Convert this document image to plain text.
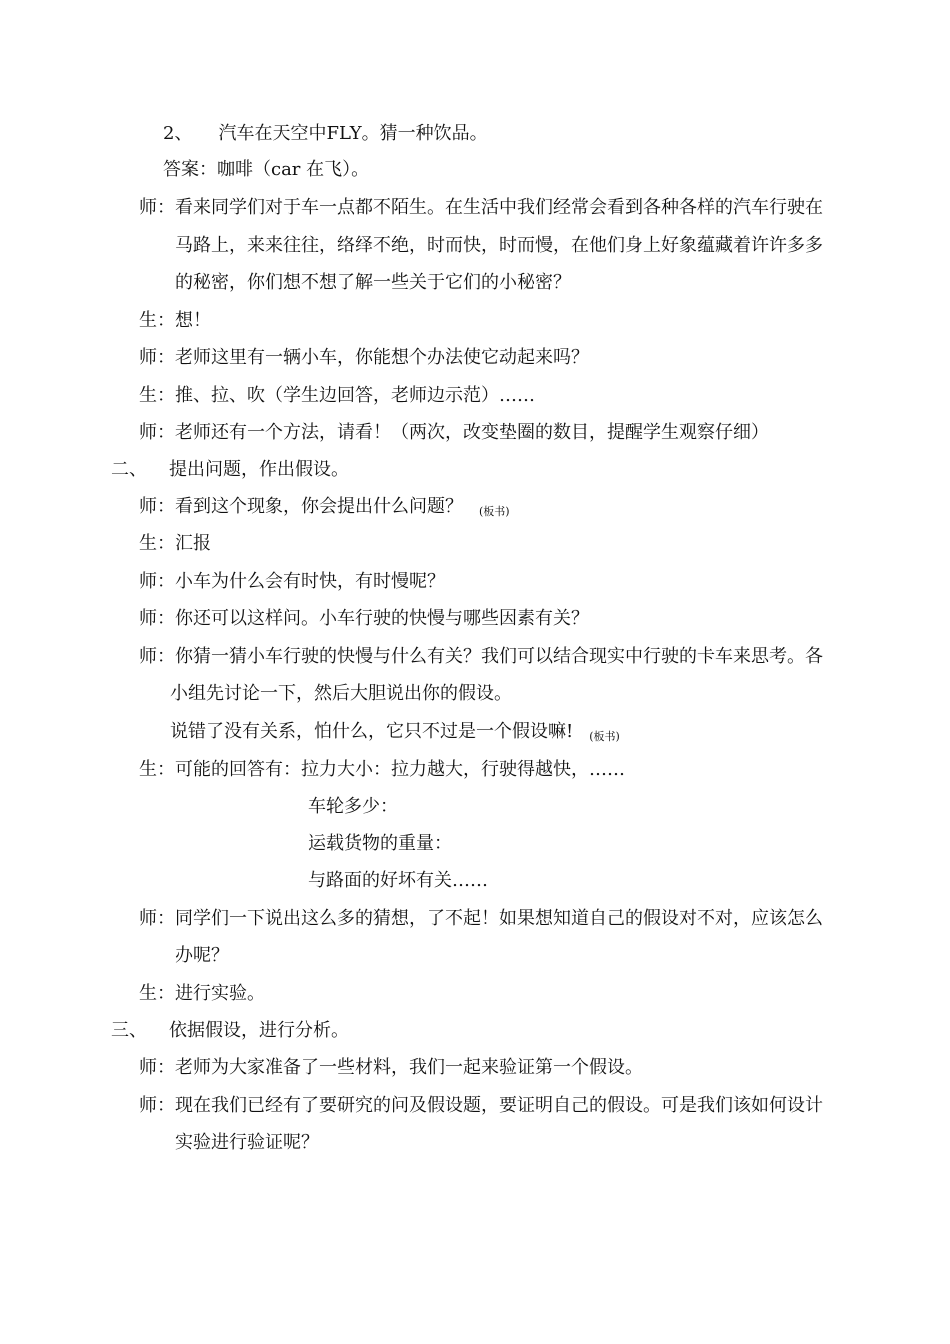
2、 汽车在天空中FLY。猜一种饮品。
答案：咖啡（car 在飞）。
师：看来同学们对于车一点都不陌生。在生活中我们经常会看到各种各样的汽车行驶在
马路上，来来往往，络绎不绝，时而快，时而慢，在他们身上好象蕴藏着许许多多
的秘密，你们想不想了解一些关于它们的小秘密？
生：想！
师：老师这里有一辆小车，你能想个办法使它动起来吗？
生：推、拉、吹（学生边回答，老师边示范）……
师：老师还有一个方法，请看！（两次，改变垫圈的数目，提醒学生观察仔细）
二、 提出问题，作出假设。
师：看到这个现象，你会提出什么问题？ (板书)
生：汇报
师：小车为什么会有时快，有时慢呢？
师：你还可以这样问。小车行驶的快慢与哪些因素有关？
师：你猜一猜小车行驶的快慢与什么有关？我们可以结合现实中行驶的卡车来思考。各
小组先讨论一下，然后大胆说出你的假设。
说错了没有关系，怕什么，它只不过是一个假设嘛! (板书)
生：可能的回答有：拉力大小：拉力越大，行驶得越快，……
车轮多少：
运载货物的重量：
与路面的好坏有关……
师：同学们一下说出这么多的猜想，了不起！如果想知道自己的假设对不对，应该怎么
办呢？
生：进行实验。
三、 依据假设，进行分析。
师：老师为大家准备了一些材料，我们一起来验证第一个假设。
师：现在我们已经有了要研究的问及假设题，要证明自己的假设。可是我们该如何设计
实验进行验证呢？
